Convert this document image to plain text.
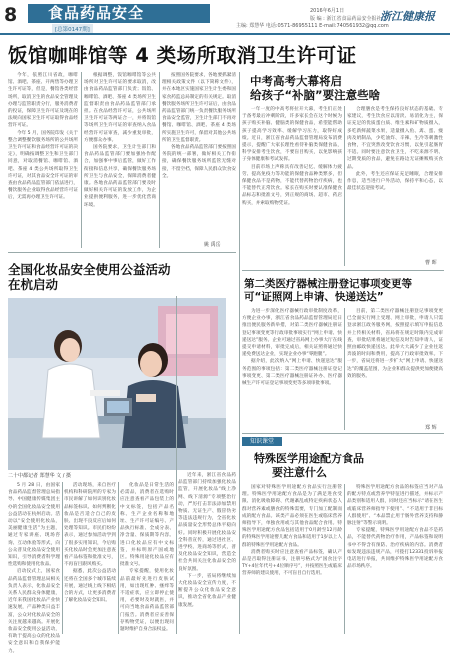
8 食品药品安全
[总第0147期]
2016年6月1日
版 编 : 浙江省食品药品安全报社
主编: 郑慧华 电话:0571-86955111 E-mail:740561932@qq.com
浙江健康报
饭馆咖啡馆等 4 类场所取消卫生许可证

今年，依照江川省政，咖啡馆、酒吧、茶座、开两售等办理卫生许可证等，但是，餐馆各类经营场所，取消卫生的食品安全管理及办理与监管职责分行，服务消费者的投证，保障卫生许可证及现在的法规向国家卫生许可证取得食品经营许可证。

今年 5 月，国务院印发《关于整合调整餐饮服务场所的公共场所卫生许可证和食品经营许可证的决定》，明确按调整卫生和卫生部门同意，对取消餐馆、咖啡馆、酒吧、茶座 4 类公共场所取得卫生许可证，对其食品安全许可证的审查由食品药品监管部门依法进行，餐饮服务企业取得食品经营许可证后，无需再办理卫生许可证。

根据调整，饭馆咖啡馆等公共场所对卫生许可证的要求取消，改由食品药品监管部门负责；饭馆、咖啡馆、酒吧、茶座 4 类场所卫生监督职责由食品药品监管部门承担。在食品经营许可证，公共场所卫生许可证等两证合一，并将饭馆等场所卫生许可证的审查纳入食品经营许可证审查，减少重复审批，方便群众办事。

国务院要求，卫生计生部门和食品药品监管部门要加强协作配合，加强事中事后监管，做好工作衔接和信息共享，确保餐饮服务场所卫生与食品安全，保障消费者健康。各地食品药品监管部门要及时做好相关许可证的发放工作，为企业提供便利服务，进一步优化营商环境。

按照国务院要求，各地要抓紧清理相关政策文件（以下简称文件），并在本地区实施国家卫生计生委和国家食药监总局制定的有关规定。取消餐饮服务场所卫生许可证后，由食品药品监管部门统一负责餐饮服务场所食品安全监管，卫生计生部门不再对餐馆、咖啡馆、酒吧、茶座 4 类场所实施卫生许可，保留对其他公共场所的卫生监督职责。

各地食品药品监管部门要按照国务院的统一部署，做好相关工作衔接，确保餐饮服务场所监管无缝对接，不留空档，保障人民群众饮食安全。

姚 禹岳
中考高考大幕将启
给孩子“补脑”要注意些啥

一年一度的中高考将拉开大幕，考生们正处于备考最后冲刺阶段，许多家长会在这个时候为孩子购买补脑、健脑类的保健食品，希望能帮助孩子提高学习效率、缓解学习压力，取得好成绩。近日，浙江省食品药品监督管理局发布消费提示，提醒广大家长理性看待补脑类保健食品，科学安排考生饮食，不要盲目购买，以免影响孩子身体健康和考试发挥。

目前市场上声称具有改善记忆、缓解体力疲劳、提高免疫力等功能的保健食品种类繁多，但保健食品不是药物，不能代替药物治疗疾病，也不能替代正常饮食。家长在购买时要认准保健食品标志和批准文号，到正规的商场、超市、药店购买，并索取购物凭证。

合理膳食是考生保持良好状态的基础。专家建议，考生饮食应以清淡、易消化为主，保证充足的优质蛋白质、维生素和矿物质摄入，多吃新鲜蔬菜水果，适量摄入鱼、禽、蛋、瘦肉及奶制品，少吃油炸、辛辣、生冷等刺激性食物，不宜突然改变饮食习惯，以免引起肠胃不适。同时要注意饮食卫生，不吃来源不明、过期变质的食品，避免在路边无证摊贩购买食品。

此外，考生还应保证充足睡眠，合理安排作息，适当进行户外活动，保持平和心态，以最佳状态迎接考试。

曹 晖
第二类医疗器械注册登记事项变更等
可“证照网上申请、快递送达”

为进一步深化医疗器械行政审批制度改革，方便企业办事，浙江省食品药品监督管理局近日推出便民服务新举措，对第二类医疗器械注册证登记事项变更等行政审批事项实行“网上申请、快递送达”服务。企业可通过省局网上办事大厅在线提交申请材料，审批完成后，相关证照将通过快递免费送达企业，实现企业办事“零跑腿”。

据介绍，此次纳入“网上申请、快递送达”服务范围的事项包括：第二类医疗器械注册证登记事项变更、第二类医疗器械注册证补办、医疗器械生产许可证登记事项变更等多项审批事项。

目前，第二类医疗器械注册登记事项变更已全面实行网上受理、网上审批，申请人只需登录浙江政务服务网，按照提示填写申报信息并上传相关材料，省局将在规定时限内完成审查，审批结果将通过短信及时告知申请人，证照由邮政快递送达。此举大大减少了企业往返奔波的时间和费用，提高了行政审批效率。下一步，省局还将进一步扩大“网上申请、快递送达”的覆盖范围，为企业和群众提供更加便捷高效的服务。

郑 辉
全国化妆品安全使用公益活动
在杭启动
二十中都记者 郑慧华 文 / 摄

5 月 28 日，由国家食品药品监督管理总局指导、中国健康传媒集团主办的全国化妆品安全使用公益活动在杭州启动。活动以“安全使用化妆品，美丽健康生活”为主题，通过专家讲座、现场咨询、互动体验等形式，向公众普及化妆品安全使用知识，引导消费者科学理性选购和使用化妆品。

启动仪式上，国家食品药品监督管理总局相关负责人表示，化妆品安全关系人民群众身体健康，近年来我国化妆品产业快速发展，产品种类日益丰富，公众对化妆品安全的关注度越来越高。开展化妆品安全使用公益活动，有助于提高公众的化妆品安全意识和自我保护能力。

活动现场，来自医疗机构和科研院所的专家为市民讲解了如何识别化妆品标签标识、如何判断化妆品是否适合自己的皮肤、出现不良反应后如何处理等知识。市民们纷纷表示，通过参加活动学到了很多实用知识，今后购买化妆品时会更加注意查看产品标签和批准文号，不再盲目跟风购买。

据悉，此次公益活动还将在全国多个城市陆续开展，通过线上线下相结合的方式，让更多消费者了解化妆品安全知识。

化妆品是日常生活的必需品，消费者在选购时应注意查看产品包装上的中文标签，包括产品名称、生产企业名称和地址、生产许可证编号、产品执行标准、全成分表、净含量、保质期等内容。进口化妆品应有中文标签，并标明原产国或地区。特殊用途化妆品应有批准文号。

专家提醒，使用化妆品前最好先进行皮肤试用，如出现红肿、瘙痒等不适症状，应立即停止使用，必要时及时就医，并可向当地食品药品监管部门报告。消费者应妥善保存购物凭证，以便出现问题时维护自身合法权益。

近年来，浙江省食品药品监管部门持续加强化妆品监管，开展化妆品“线上净网、线下清源”专项整治行动，严厉打击非法添加禁用物质、无证生产、假冒伪劣等违法违规行为，全省化妆品质量安全形势总体平稳向好。同时积极开展化妆品安全科普宣传，通过进社区、进学校、进商场等形式，普及化妆品安全知识，营造全社会共同关注化妆品安全的良好氛围。

下一步，省局将继续加大化妆品安全宣传力度，不断提升公众化妆品安全意识，推动全省化妆品产业健康发展。

知识课堂
特殊医学用途配方食品
要注意什么

国家对特殊医学用途配方食品实行注册管理。特殊医学用途配方食品是为了满足进食受限、消化吸收障碍、代谢紊乱或特定疾病状态人群对营养素或膳食的特殊需要，专门加工配制而成的配方食品。该类产品必须在医生或临床营养师指导下，单独食用或与其他食品配合食用。特殊医学用途配方食品包括适用于0月龄至12月龄的特殊医学用途婴儿配方食品和适用于1岁以上人群的特殊医学用途配方食品。

消费者购买时应注意查看产品标签，确认产品是否取得注册证书，注册号格式为“国食注字TY+4位年代号+4位顺序号”，并按照医生或临床营养师的建议使用，不可盲目自行选用。

特殊医学用途配方食品的标签应当对产品的配方特点或营养学特征进行描述，并标示产品类别和适用人群，同时还应当标示“请在医生或临床营养师指导下使用”、“不适用于非目标人群使用”、“本品禁止用于肠外营养支持和静脉注射”等警示说明。

专家提醒，特殊医学用途配方食品不是药品，不能替代药物治疗作用，产品标签和说明书中不得含有预防、治疗疾病的内容。消费者如发现违法违规产品，可拨打12331投诉举报电话进行举报，共同维护特殊医学用途配方食品市场秩序。
